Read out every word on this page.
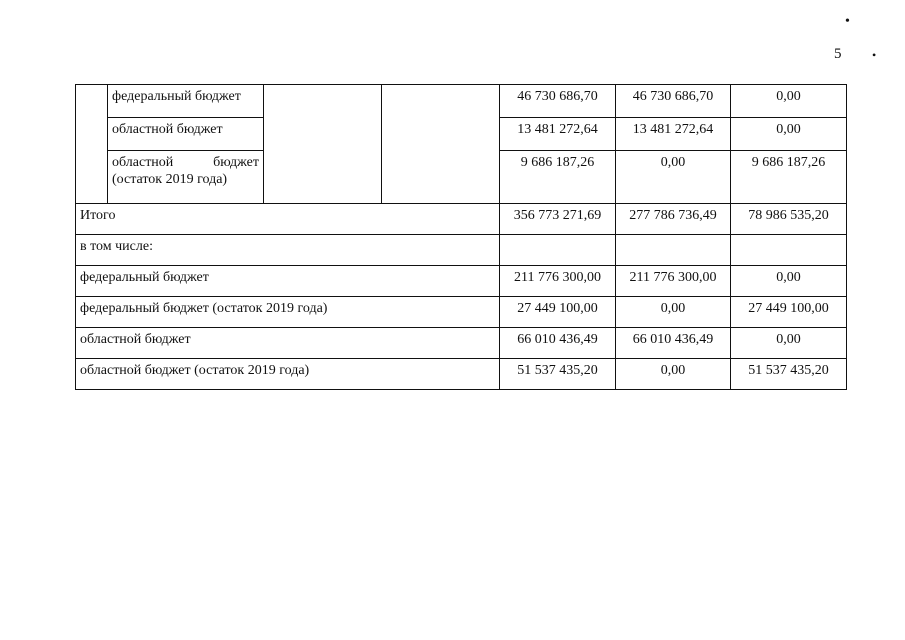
•
5	•
	федеральный бюджет			46 730 686,70	46 730 686,70	0,00
	областной бюджет			13 481 272,64	13 481 272,64	0,00
	областной бюджет (остаток 2019 года)			9 686 187,26	0,00	9 686 187,26
Итого				356 773 271,69	277 786 736,49	78 986 535,20
в том числе:						
федеральный бюджет				211 776 300,00	211 776 300,00	0,00
федеральный бюджет (остаток 2019 года)				27 449 100,00	0,00	27 449 100,00
областной бюджет				66 010 436,49	66 010 436,49	0,00
областной бюджет (остаток 2019 года)				51 537 435,20	0,00	51 537 435,20
